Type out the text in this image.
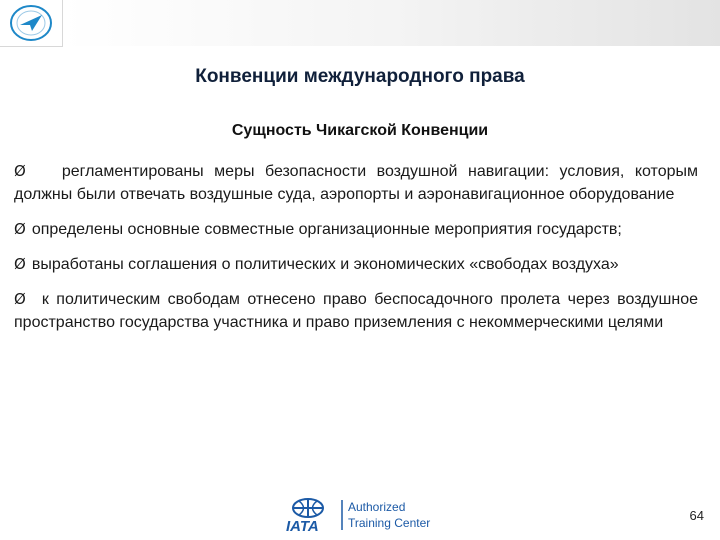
Конвенции международного права
Сущность Чикагской Конвенции
Ø регламентированы меры безопасности воздушной навигации: условия, которым должны были отвечать воздушные суда, аэропорты и аэронавигационное оборудование
Ø определены основные совместные организационные мероприятия государств;
Ø выработаны соглашения о политических и экономических «свободах воздуха»
Ø к политическим свободам отнесено право беспосадочного пролета через воздушное пространство государства участника и право приземления с некоммерческими целями
IATA
Authorized
Training Center	64
